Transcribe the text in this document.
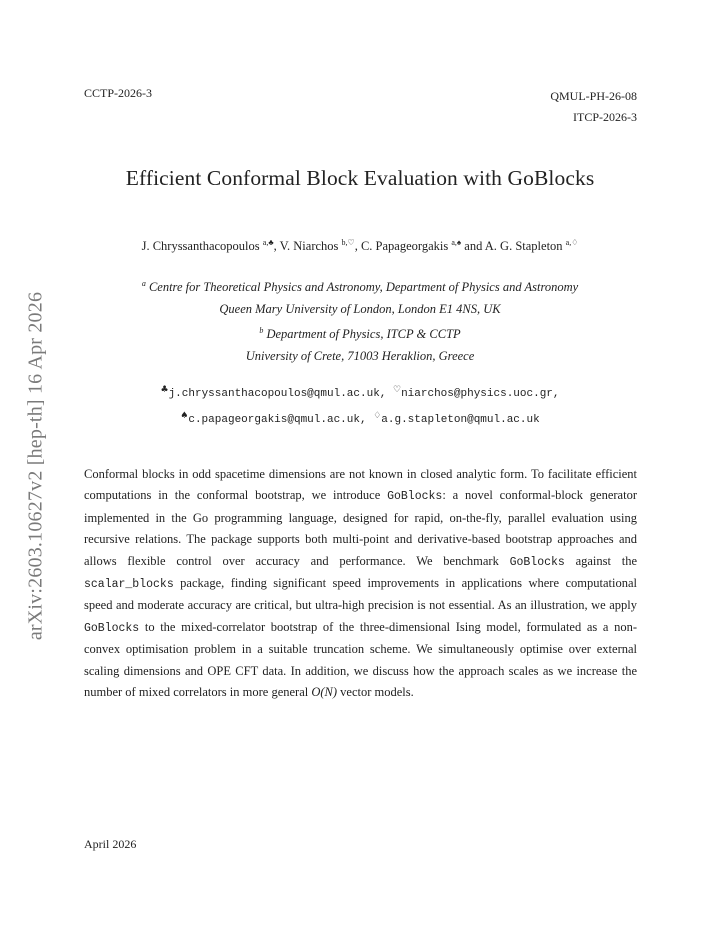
CCTP-2026-3	QMUL-PH-26-08
ITCP-2026-3
Efficient Conformal Block Evaluation with GoBlocks
J. Chryssanthacopoulos $^{a,♣}$, V. Niarchos $^{b,♡}$, C. Papageorgakis $^{a,♠}$ and A. G. Stapleton $^{a,♢}$
$^a$ Centre for Theoretical Physics and Astronomy, Department of Physics and Astronomy
Queen Mary University of London, London E1 4NS, UK
$^b$ Department of Physics, ITCP & CCTP
University of Crete, 71003 Heraklion, Greece
♣j.chryssanthacopoulos@qmul.ac.uk, ♡niarchos@physics.uoc.gr,
♠c.papageorgakis@qmul.ac.uk, ♢a.g.stapleton@qmul.ac.uk
Conformal blocks in odd spacetime dimensions are not known in closed analytic form. To facilitate efficient computations in the conformal bootstrap, we introduce GoBlocks: a novel conformal-block generator implemented in the Go programming language, designed for rapid, on-the-fly, parallel evaluation using recursive relations. The package supports both multi-point and derivative-based bootstrap approaches and allows flexible control over accuracy and performance. We benchmark GoBlocks against the scalar_blocks package, finding significant speed improvements in applications where computational speed and moderate accuracy are critical, but ultra-high precision is not essential. As an illustration, we apply GoBlocks to the mixed-correlator bootstrap of the three-dimensional Ising model, formulated as a non-convex optimisation problem in a suitable truncation scheme. We simultaneously optimise over external scaling dimensions and OPE CFT data. In addition, we discuss how the approach scales as we increase the number of mixed correlators in more general O(N) vector models.
April 2026
arXiv:2603.10627v2 [hep-th] 16 Apr 2026
